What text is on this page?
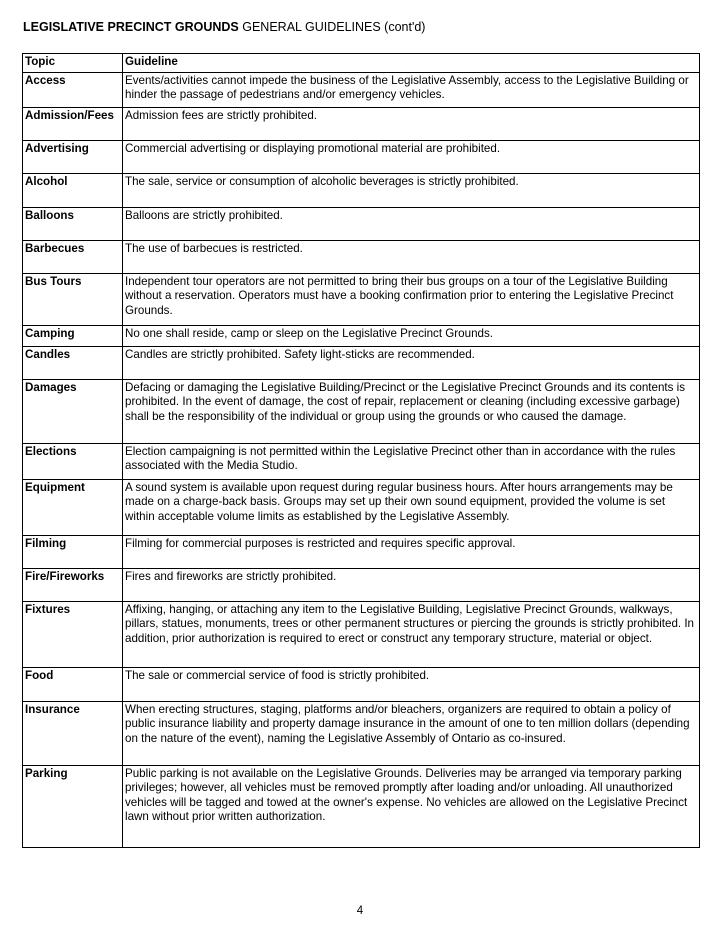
LEGISLATIVE PRECINCT GROUNDS GENERAL GUIDELINES (cont'd)
Topic	Guideline
Access	Events/activities cannot impede the business of the Legislative Assembly, access to the Legislative Building or hinder the passage of pedestrians and/or emergency vehicles.
Admission/Fees	Admission fees are strictly prohibited.
Advertising	Commercial advertising or displaying promotional material are prohibited.
Alcohol	The sale, service or consumption of alcoholic beverages is strictly prohibited.
Balloons	Balloons are strictly prohibited.
Barbecues	The use of barbecues is restricted.
Bus Tours	Independent tour operators are not permitted to bring their bus groups on a tour of the Legislative Building without a reservation. Operators must have a booking confirmation prior to entering the Legislative Precinct Grounds.
Camping	No one shall reside, camp or sleep on the Legislative Precinct Grounds.
Candles	Candles are strictly prohibited. Safety light-sticks are recommended.
Damages	Defacing or damaging the Legislative Building/Precinct or the Legislative Precinct Grounds and its contents is prohibited. In the event of damage, the cost of repair, replacement or cleaning (including excessive garbage) shall be the responsibility of the individual or group using the grounds or who caused the damage.
Elections	Election campaigning is not permitted within the Legislative Precinct other than in accordance with the rules associated with the Media Studio.
Equipment	A sound system is available upon request during regular business hours. After hours arrangements may be made on a charge-back basis. Groups may set up their own sound equipment, provided the volume is set within acceptable volume limits as established by the Legislative Assembly.
Filming	Filming for commercial purposes is restricted and requires specific approval.
Fire/Fireworks	Fires and fireworks are strictly prohibited.
Fixtures	Affixing, hanging, or attaching any item to the Legislative Building, Legislative Precinct Grounds, walkways, pillars, statues, monuments, trees or other permanent structures or piercing the grounds is strictly prohibited. In addition, prior authorization is required to erect or construct any temporary structure, material or object.
Food	The sale or commercial service of food is strictly prohibited.
Insurance	When erecting structures, staging, platforms and/or bleachers, organizers are required to obtain a policy of public insurance liability and property damage insurance in the amount of one to ten million dollars (depending on the nature of the event), naming the Legislative Assembly of Ontario as co-insured.
Parking	Public parking is not available on the Legislative Grounds. Deliveries may be arranged via temporary parking privileges; however, all vehicles must be removed promptly after loading and/or unloading. All unauthorized vehicles will be tagged and towed at the owner's expense. No vehicles are allowed on the Legislative Precinct lawn without prior written authorization.
4
